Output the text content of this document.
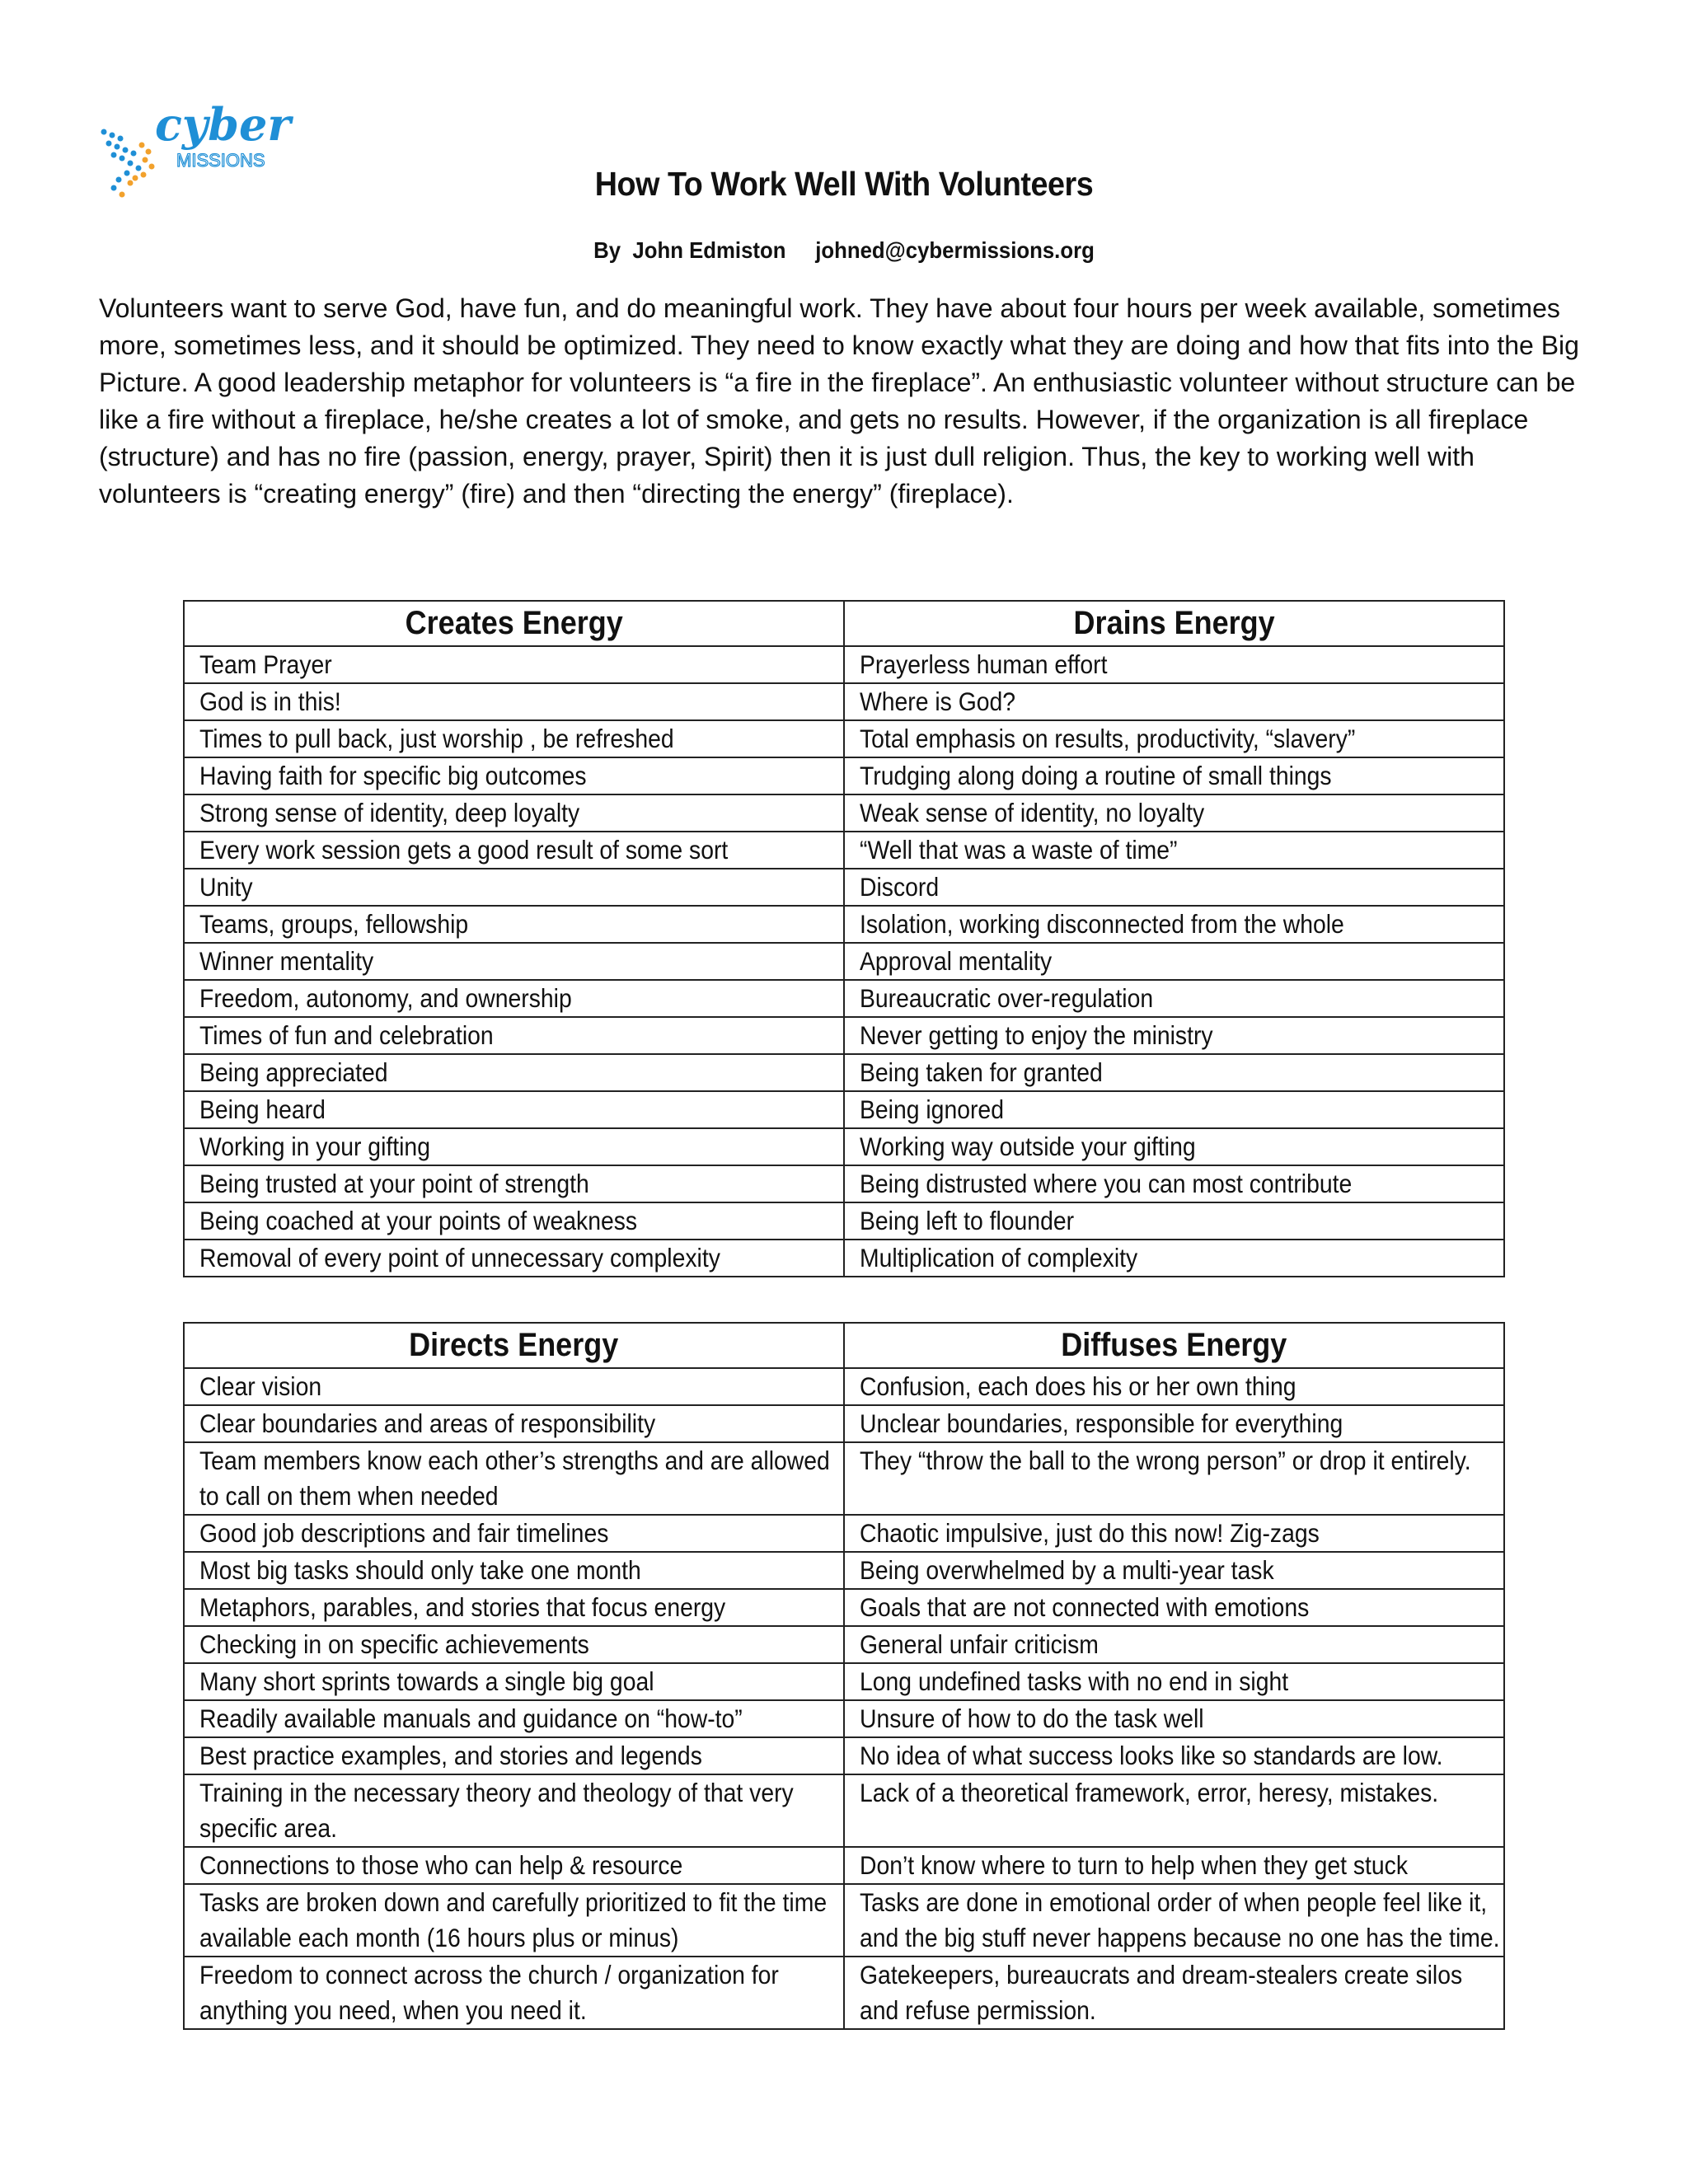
cyber
MISSIONS
How To Work Well With Volunteers
By  John Edmiston     johned@cybermissions.org
Volunteers want to serve God, have fun, and do meaningful work. They have about four hours per week available, sometimes more, sometimes less, and it should be optimized. They need to know exactly what they are doing and how that fits into the Big Picture. A good leadership metaphor for volunteers is “a fire in the fireplace”. An enthusiastic volunteer without structure can be like a fire without a fireplace, he/she creates a lot of smoke, and gets no results. However, if the organization is all fireplace (structure) and has no fire (passion, energy, prayer, Spirit) then it is just dull religion. Thus, the key to working well with volunteers is “creating energy” (fire) and then “directing the energy” (fireplace).
Creates Energy	Drains Energy

Team Prayer	Prayerless human effort

God is in this!	Where is God?

Times to pull back, just worship , be refreshed	Total emphasis on results, productivity, “slavery”

Having faith for specific big outcomes	Trudging along doing a routine of small things

Strong sense of identity, deep loyalty	Weak sense of identity, no loyalty

Every work session gets a good result of some sort	“Well that was a waste of time”

Unity	Discord

Teams, groups, fellowship	Isolation, working disconnected from the whole

Winner mentality	Approval mentality

Freedom, autonomy, and ownership	Bureaucratic over-regulation

Times of fun and celebration	Never getting to enjoy the ministry

Being appreciated	Being taken for granted

Being heard	Being ignored

Working in your gifting	Working way outside your gifting

Being trusted at your point of strength	Being distrusted where you can most contribute

Being coached at your points of weakness	Being left to flounder

Removal of every point of unnecessary complexity	Multiplication of complexity
Directs Energy	Diffuses Energy

Clear vision	Confusion, each does his or her own thing

Clear boundaries and areas of responsibility	Unclear boundaries, responsible for everything

Team members know each other’s strengths and are allowed to call on them when needed	They “throw the ball to the wrong person” or drop it entirely.

Good job descriptions and fair timelines	Chaotic impulsive, just do this now! Zig-zags

Most big tasks should only take one month	Being overwhelmed by a multi-year task

Metaphors, parables, and stories that focus energy	Goals that are not connected with emotions

Checking in on specific achievements	General unfair criticism

Many short sprints towards a single big goal	Long undefined tasks with no end in sight

Readily available manuals and guidance on “how-to”	Unsure of how to do the task well

Best practice examples, and stories and legends	No idea of what success looks like so standards are low.

Training in the necessary theory and theology of that very specific area.	Lack of a theoretical framework, error, heresy, mistakes.

Connections to those who can help & resource	Don’t know where to turn to help when they get stuck

Tasks are broken down and carefully prioritized to fit the time available each month (16 hours plus or minus)	Tasks are done in emotional order of when people feel like it, and the big stuff never happens because no one has the time.

Freedom to connect across the church / organization for anything you need, when you need it.	Gatekeepers, bureaucrats and dream-stealers create silos and refuse permission.
